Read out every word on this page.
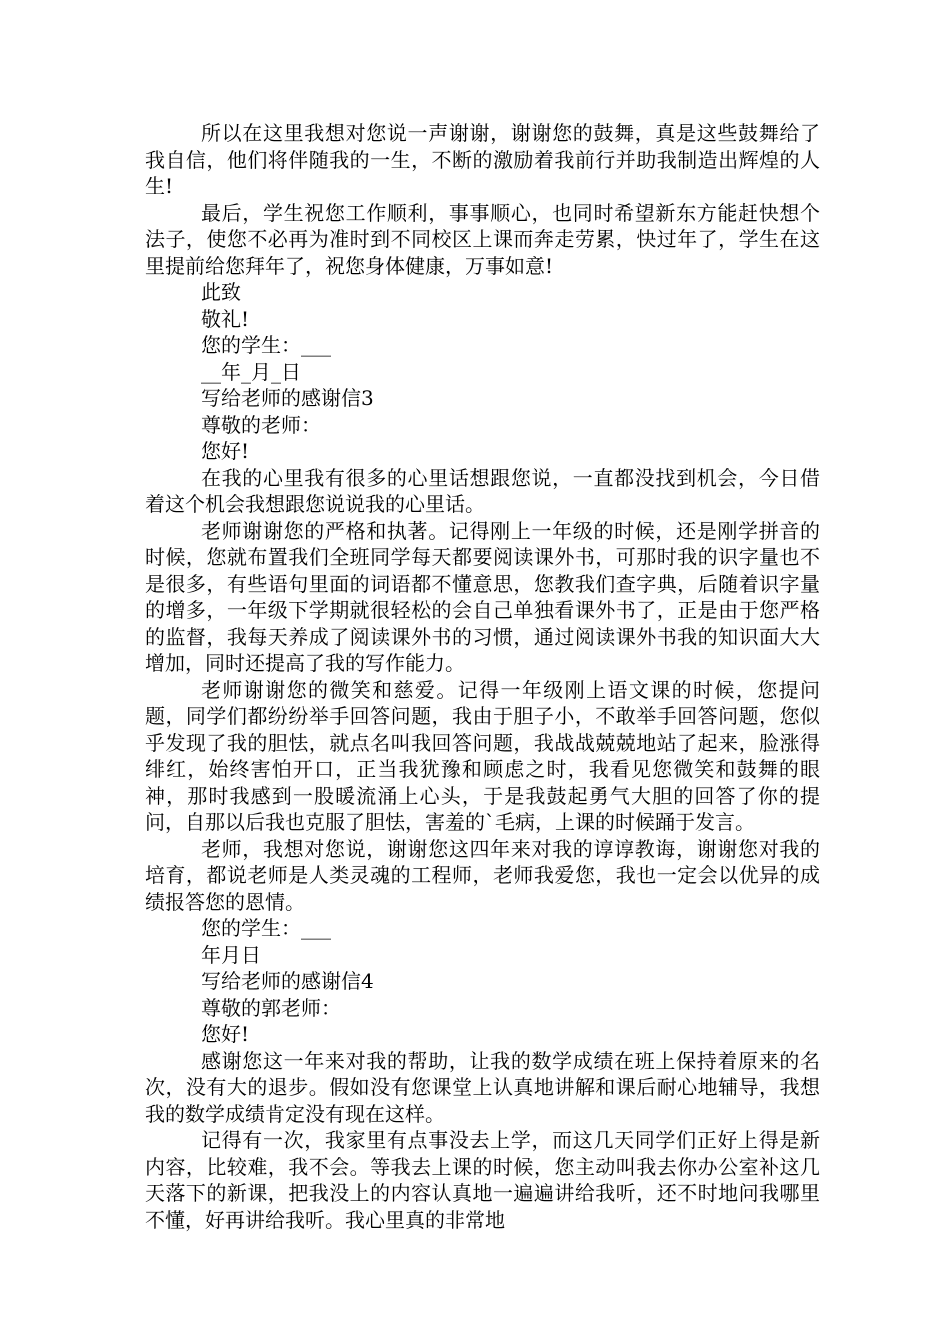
所以在这里我想对您说一声谢谢，谢谢您的鼓舞，真是这些鼓舞给了我自信，他们将伴随我的一生，不断的激励着我前行并助我制造出辉煌的人生!

最后，学生祝您工作顺利，事事顺心，也同时希望新东方能赶快想个法子，使您不必再为准时到不同校区上课而奔走劳累，快过年了，学生在这里提前给您拜年了，祝您身体健康，万事如意!

此致

敬礼!

您的学生：___

__年_月_日

写给老师的感谢信3

尊敬的老师：

您好!

在我的心里我有很多的心里话想跟您说，一直都没找到机会，今日借着这个机会我想跟您说说我的心里话。

老师谢谢您的严格和执著。记得刚上一年级的时候，还是刚学拼音的时候，您就布置我们全班同学每天都要阅读课外书，可那时我的识字量也不是很多，有些语句里面的词语都不懂意思，您教我们查字典，后随着识字量的增多，一年级下学期就很轻松的会自己单独看课外书了，正是由于您严格的监督，我每天养成了阅读课外书的习惯，通过阅读课外书我的知识面大大增加，同时还提高了我的写作能力。

老师谢谢您的微笑和慈爱。记得一年级刚上语文课的时候，您提问题，同学们都纷纷举手回答问题，我由于胆子小，不敢举手回答问题，您似乎发现了我的胆怯，就点名叫我回答问题，我战战兢兢地站了起来，脸涨得绯红，始终害怕开口，正当我犹豫和顾虑之时，我看见您微笑和鼓舞的眼神，那时我感到一股暖流涌上心头，于是我鼓起勇气大胆的回答了你的提问，自那以后我也克服了胆怯，害羞的`毛病，上课的时候踊于发言。

老师，我想对您说，谢谢您这四年来对我的谆谆教诲，谢谢您对我的培育，都说老师是人类灵魂的工程师，老师我爱您，我也一定会以优异的成绩报答您的恩情。

您的学生：___

年月日

写给老师的感谢信4

尊敬的郭老师：

您好!

感谢您这一年来对我的帮助，让我的数学成绩在班上保持着原来的名次，没有大的退步。假如没有您课堂上认真地讲解和课后耐心地辅导，我想我的数学成绩肯定没有现在这样。

记得有一次，我家里有点事没去上学，而这几天同学们正好上得是新内容，比较难，我不会。等我去上课的时候，您主动叫我去你办公室补这几天落下的新课，把我没上的内容认真地一遍遍讲给我听，还不时地问我哪里不懂，好再讲给我听。我心里真的非常地
